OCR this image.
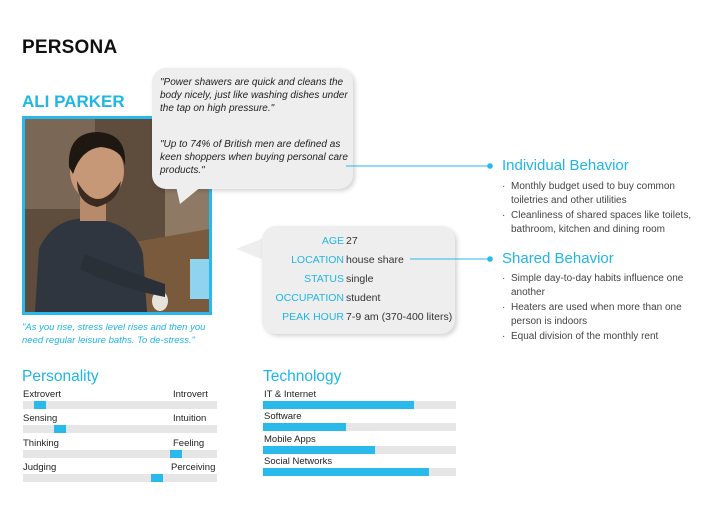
PERSONA
ALI PARKER
"As you rise, stress level rises and then you need regular leisure baths. To de-stress."
"Power shawers are quick and cleans the body nicely, just like washing dishes under the tap on high pressure."
"Up to 74% of British men are defined as keen shoppers when buying personal care products."
AGE 27
LOCATION house share
STATUS single
OCCUPATION student
PEAK HOUR 7-9 am (370-400 liters)
Individual Behavior
· Monthly budget used to buy common toiletries and other utilities
· Cleanliness of shared spaces like toilets, bathroom, kitchen and dining room
Shared Behavior
· Simple day-to-day habits influence one another
· Heaters are used when more than one person is indoors
· Equal division of the monthly rent
Personality
Extrovert	Introvert
Sensing	Intuition
Thinking	Feeling
Judging	Perceiving
Technology
IT & Internet
Software
Mobile Apps
Social Networks
